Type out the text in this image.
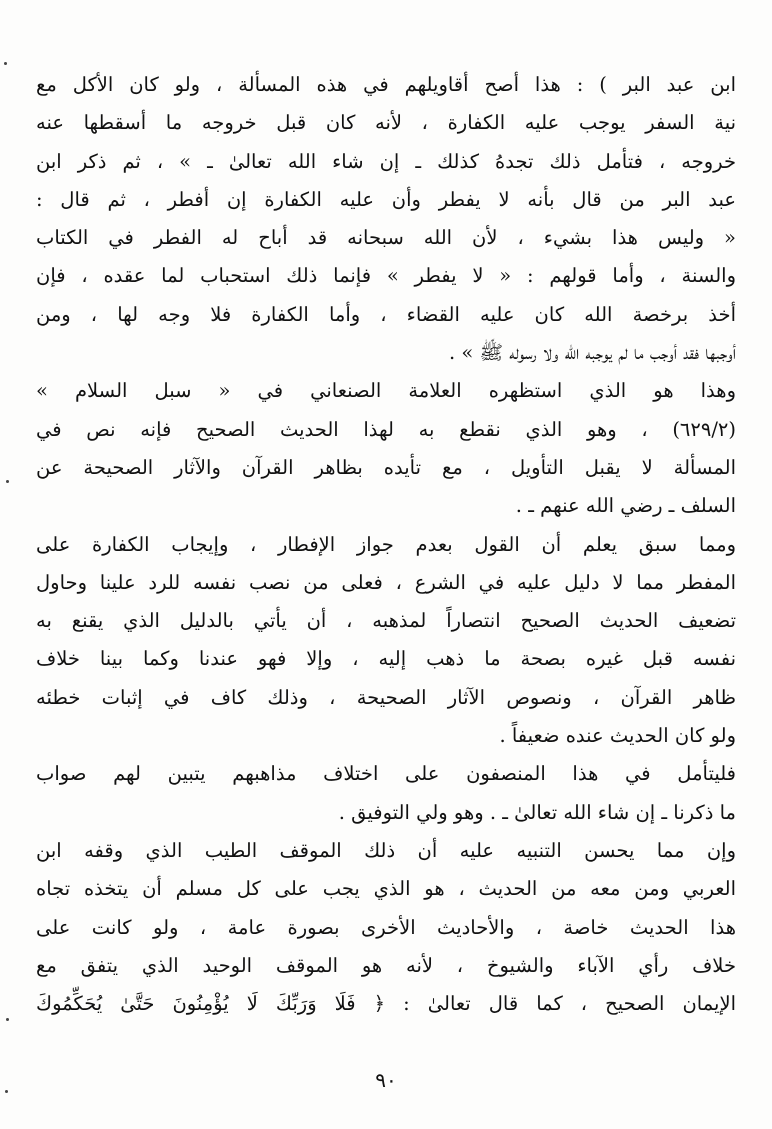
ابن عبد البر ) : هذا أصح أقاويلهم في هذه المسألة ، ولو كان الأكل مع
نية السفر يوجب عليه الكفارة ، لأنه كان قبل خروجه ما أسقطها عنه
خروجه ، فتأمل ذلك تجدهُ كذلك ـ إن شاء الله تعالىٰ ـ » ، ثم ذكر ابن
عبد البر من قال بأنه لا يفطر وأن عليه الكفارة إن أفطر ، ثم قال :
« وليس هذا بشيء ، لأن الله سبحانه قد أباح له الفطر في الكتاب
والسنة ، وأما قولهم : « لا يفطر » فإنما ذلك استحباب لما عقده ، فإن
أخذ برخصة الله كان عليه القضاء ، وأما الكفارة فلا وجه لها ، ومن
أوجبها فقد أوجب ما لم يوجبه الله ولا رسوله ﷺ » .
وهذا هو الذي استظهره العلامة الصنعاني في « سبل السلام »
(٦٢٩/٢) ، وهو الذي نقطع به لهذا الحديث الصحيح فإنه نص في
المسألة لا يقبل التأويل ، مع تأيده بظاهر القرآن والآثار الصحيحة عن
السلف ـ رضي الله عنهم ـ .
ومما سبق يعلم أن القول بعدم جواز الإفطار ، وإيجاب الكفارة على
المفطر مما لا دليل عليه في الشرع ، فعلى من نصب نفسه للرد علينا وحاول
تضعيف الحديث الصحيح انتصاراً لمذهبه ، أن يأتي بالدليل الذي يقنع به
نفسه قبل غيره بصحة ما ذهب إليه ، وإلا فهو عندنا وكما بينا خلاف
ظاهر القرآن ، ونصوص الآثار الصحيحة ، وذلك كاف في إثبات خطئه
ولو كان الحديث عنده ضعيفاً .
فليتأمل في هذا المنصفون على اختلاف مذاهبهم يتبين لهم صواب
ما ذكرنا ـ إن شاء الله تعالىٰ ـ . وهو ولي التوفيق .
وإن مما يحسن التنبيه عليه أن ذلك الموقف الطيب الذي وقفه ابن
العربي ومن معه من الحديث ، هو الذي يجب على كل مسلم أن يتخذه تجاه
هذا الحديث خاصة ، والأحاديث الأخرى بصورة عامة ، ولو كانت على
خلاف رأي الآباء والشيوخ ، لأنه هو الموقف الوحيد الذي يتفق مع
الإيمان الصحيح ، كما قال تعالىٰ : ﴿ فَلَا وَرَبِّكَ لَا يُؤْمِنُونَ حَتَّىٰ يُحَكِّمُوكَ
٩٠
